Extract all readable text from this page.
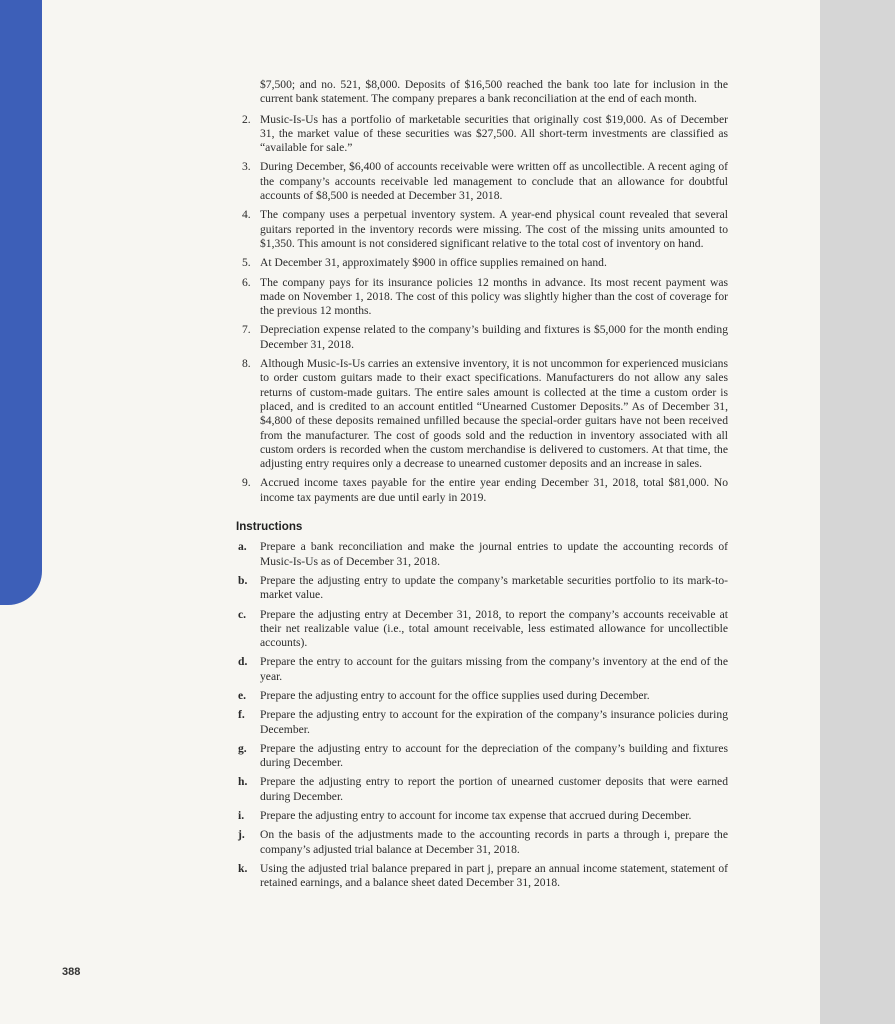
$7,500; and no. 521, $8,000. Deposits of $16,500 reached the bank too late for inclusion in the current bank statement. The company prepares a bank reconciliation at the end of each month.
2. Music-Is-Us has a portfolio of marketable securities that originally cost $19,000. As of December 31, the market value of these securities was $27,500. All short-term investments are classified as “available for sale.”
3. During December, $6,400 of accounts receivable were written off as uncollectible. A recent aging of the company’s accounts receivable led management to conclude that an allowance for doubtful accounts of $8,500 is needed at December 31, 2018.
4. The company uses a perpetual inventory system. A year-end physical count revealed that several guitars reported in the inventory records were missing. The cost of the missing units amounted to $1,350. This amount is not considered significant relative to the total cost of inventory on hand.
5. At December 31, approximately $900 in office supplies remained on hand.
6. The company pays for its insurance policies 12 months in advance. Its most recent payment was made on November 1, 2018. The cost of this policy was slightly higher than the cost of coverage for the previous 12 months.
7. Depreciation expense related to the company’s building and fixtures is $5,000 for the month ending December 31, 2018.
8. Although Music-Is-Us carries an extensive inventory, it is not uncommon for experienced musicians to order custom guitars made to their exact specifications. Manufacturers do not allow any sales returns of custom-made guitars. The entire sales amount is collected at the time a custom order is placed, and is credited to an account entitled “Unearned Customer Deposits.” As of December 31, $4,800 of these deposits remained unfilled because the special-order guitars have not been received from the manufacturer. The cost of goods sold and the reduction in inventory associated with all custom orders is recorded when the custom merchandise is delivered to customers. At that time, the adjusting entry requires only a decrease to unearned customer deposits and an increase in sales.
9. Accrued income taxes payable for the entire year ending December 31, 2018, total $81,000. No income tax payments are due until early in 2019.
Instructions
a.	Prepare a bank reconciliation and make the journal entries to update the accounting records of Music-Is-Us as of December 31, 2018.
b.	Prepare the adjusting entry to update the company’s marketable securities portfolio to its mark-to-market value.
c.	Prepare the adjusting entry at December 31, 2018, to report the company’s accounts receivable at their net realizable value (i.e., total amount receivable, less estimated allowance for uncollectible accounts).
d.	Prepare the entry to account for the guitars missing from the company’s inventory at the end of the year.
e.	Prepare the adjusting entry to account for the office supplies used during December.
f.	Prepare the adjusting entry to account for the expiration of the company’s insurance policies during December.
g.	Prepare the adjusting entry to account for the depreciation of the company’s building and fixtures during December.
h.	Prepare the adjusting entry to report the portion of unearned customer deposits that were earned during December.
i.	Prepare the adjusting entry to account for income tax expense that accrued during December.
j.	On the basis of the adjustments made to the accounting records in parts a through i, prepare the company’s adjusted trial balance at December 31, 2018.
k.	Using the adjusted trial balance prepared in part j, prepare an annual income statement, statement of retained earnings, and a balance sheet dated December 31, 2018.
388
